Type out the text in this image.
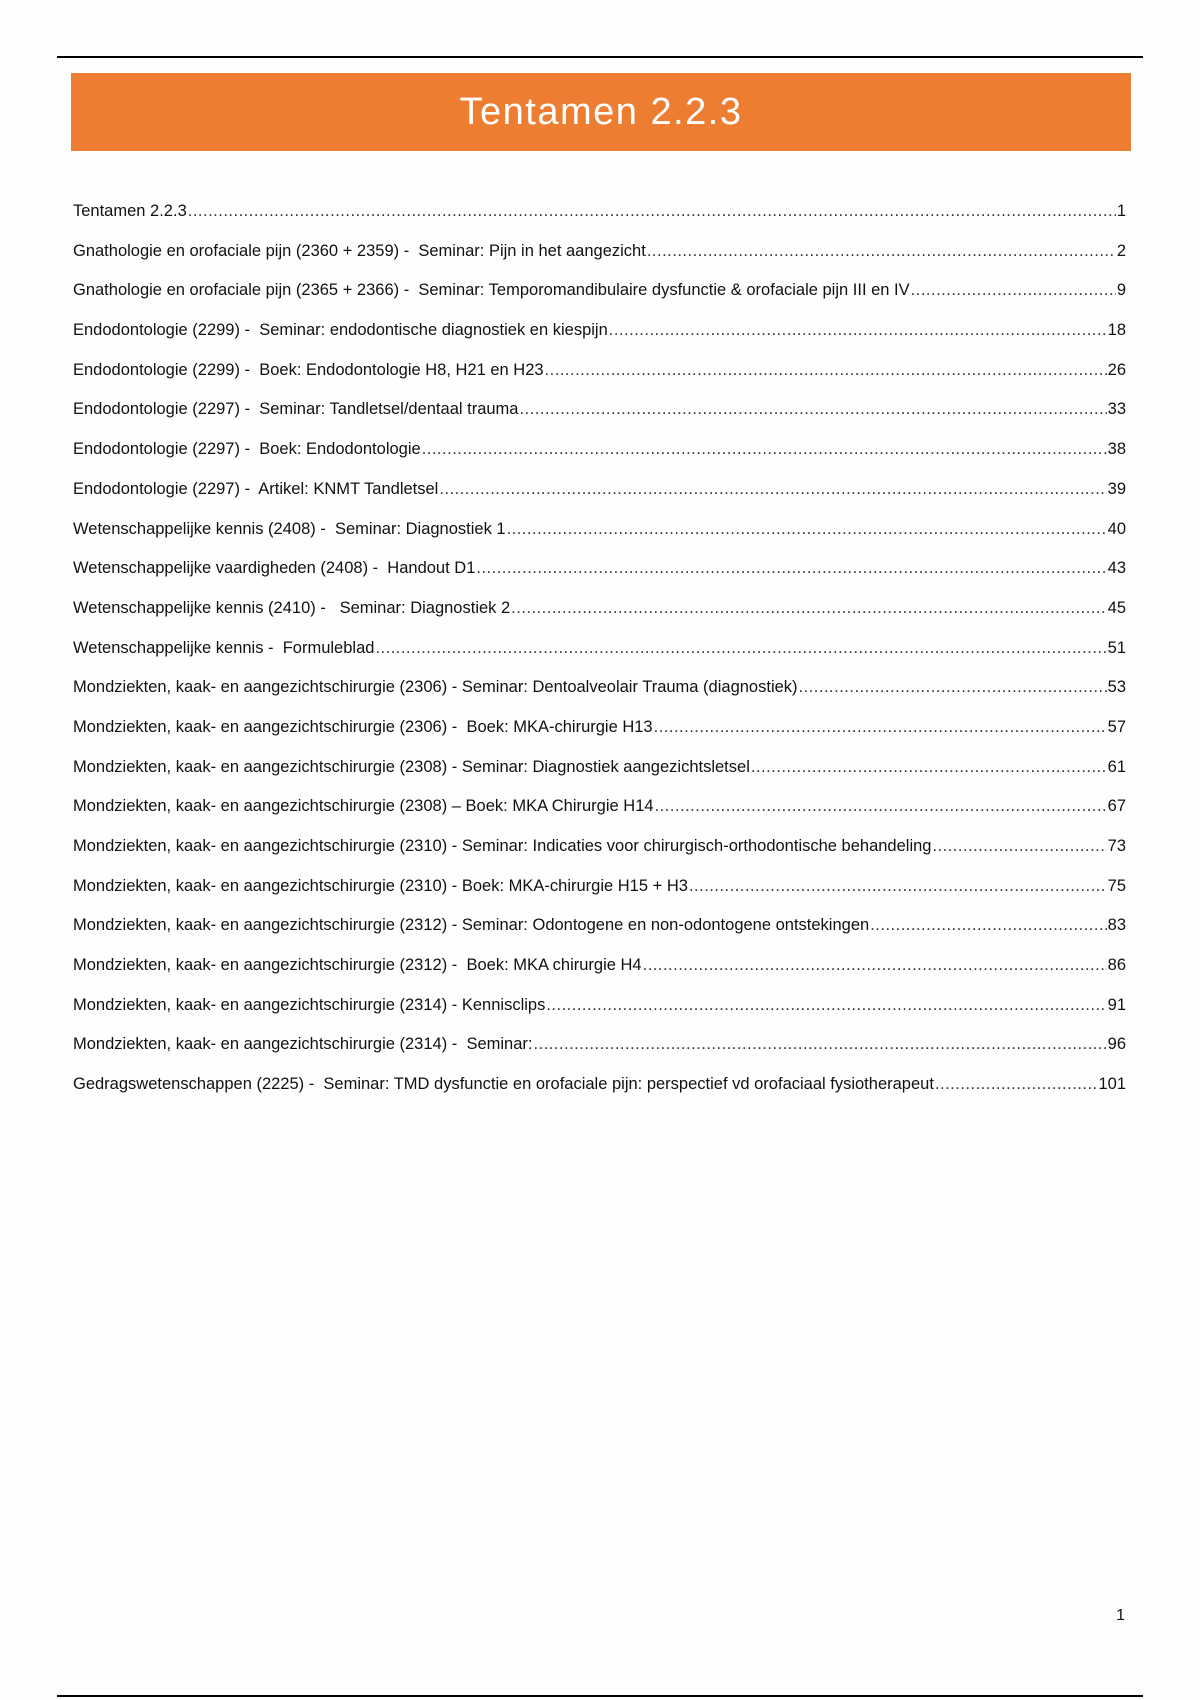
Tentamen 2.2.3
Tentamen 2.2.3 .....	1
Gnathologie en orofaciale pijn (2360 + 2359) -  Seminar: Pijn in het aangezicht .....	2
Gnathologie en orofaciale pijn (2365 + 2366) -  Seminar: Temporomandibulaire dysfunctie & orofaciale pijn III en IV .....	9
Endodontologie (2299) -  Seminar: endodontische diagnostiek en kiespijn .....	18
Endodontologie (2299) -  Boek: Endodontologie H8, H21 en H23 .....	26
Endodontologie (2297) -  Seminar: Tandletsel/dentaal trauma .....	33
Endodontologie (2297) -  Boek: Endodontologie .....	38
Endodontologie (2297) -  Artikel: KNMT Tandletsel .....	39
Wetenschappelijke kennis (2408) -  Seminar: Diagnostiek 1 .....	40
Wetenschappelijke vaardigheden (2408) -  Handout D1 .....	43
Wetenschappelijke kennis (2410) -   Seminar: Diagnostiek 2 .....	45
Wetenschappelijke kennis -  Formuleblad .....	51
Mondziekten, kaak- en aangezichtschirurgie (2306) - Seminar: Dentoalveolair Trauma (diagnostiek) .....	53
Mondziekten, kaak- en aangezichtschirurgie (2306) -  Boek: MKA-chirurgie H13 .....	57
Mondziekten, kaak- en aangezichtschirurgie (2308) - Seminar: Diagnostiek aangezichtsletsel .....	61
Mondziekten, kaak- en aangezichtschirurgie (2308) – Boek: MKA Chirurgie H14 .....	67
Mondziekten, kaak- en aangezichtschirurgie (2310) - Seminar: Indicaties voor chirurgisch-orthodontische behandeling .....	73
Mondziekten, kaak- en aangezichtschirurgie (2310) - Boek: MKA-chirurgie H15 + H3 .....	75
Mondziekten, kaak- en aangezichtschirurgie (2312) - Seminar: Odontogene en non-odontogene ontstekingen .....	83
Mondziekten, kaak- en aangezichtschirurgie (2312) -  Boek: MKA chirurgie H4 .....	86
Mondziekten, kaak- en aangezichtschirurgie (2314) - Kennisclips .....	91
Mondziekten, kaak- en aangezichtschirurgie (2314) -  Seminar: .....	96
Gedragswetenschappen (2225) -  Seminar: TMD dysfunctie en orofaciale pijn: perspectief vd orofaciaal fysiotherapeut .....	101
1
